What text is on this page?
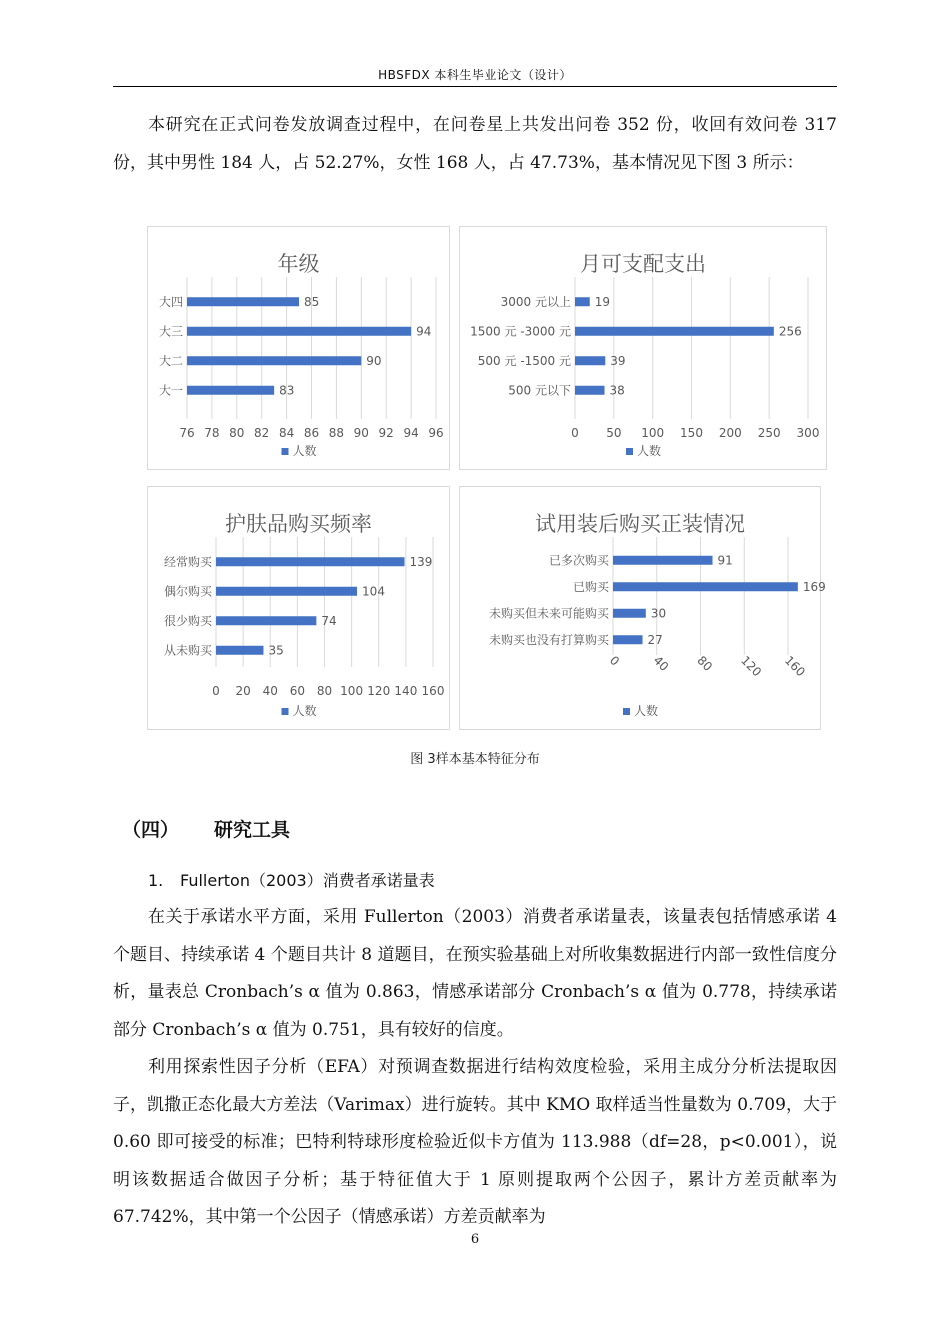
HBSFDX 本科生毕业论文（设计）

本研究在正式问卷发放调查过程中，在问卷星上共发出问卷 352 份，收回有效问卷 317 份，其中男性 184 人，占 52.27%，女性 168 人，占 47.73%，基本情况见下图 3 所示：

年级
76 78 80 82 84 86 88 90 92 94 96
大四	85
大三	94
大二	90
大一	83
人数
月可支配支出
0 50 100 150 200 250 300
3000 元以上 19
1500 元 -3000 元	256
500 元 -1500 元	39
500 元以下	38
人数
护肤品购买频率
0 20 40 60 80 100 120 140 160
经常购买	139
偶尔购买	104
很少购买	74
从未购买	35
人数
试用装后购买正装情况
0 40 80 120 160
已多次购买	91
已购买	169
未购买但未来可能购买	30
未购买也没有打算购买	27
人数
图 3样本基本特征分布
（四） 研究工具
1. Fullerton（2003）消费者承诺量表

在关于承诺水平方面，采用 Fullerton（2003）消费者承诺量表，该量表包括情感承诺 4 个题目、持续承诺 4 个题目共计 8 道题目，在预实验基础上对所收集数据进行内部一致性信度分析，量表总 Cronbach’s α 值为 0.863，情感承诺部分 Cronbach’s α 值为 0.778，持续承诺部分 Cronbach’s α 值为 0.751，具有较好的信度。

利用探索性因子分析（EFA）对预调查数据进行结构效度检验，采用主成分分析法提取因子，凯撒正态化最大方差法（Varimax）进行旋转。其中 KMO 取样适当性量数为 0.709，大于 0.60 即可接受的标准；巴特利特球形度检验近似卡方值为 113.988（df=28，p<0.001），说明该数据适合做因子分析；基于特征值大于 1 原则提取两个公因子，累计方差贡献率为 67.742%，其中第一个公因子（情感承诺）方差贡献率为

6
